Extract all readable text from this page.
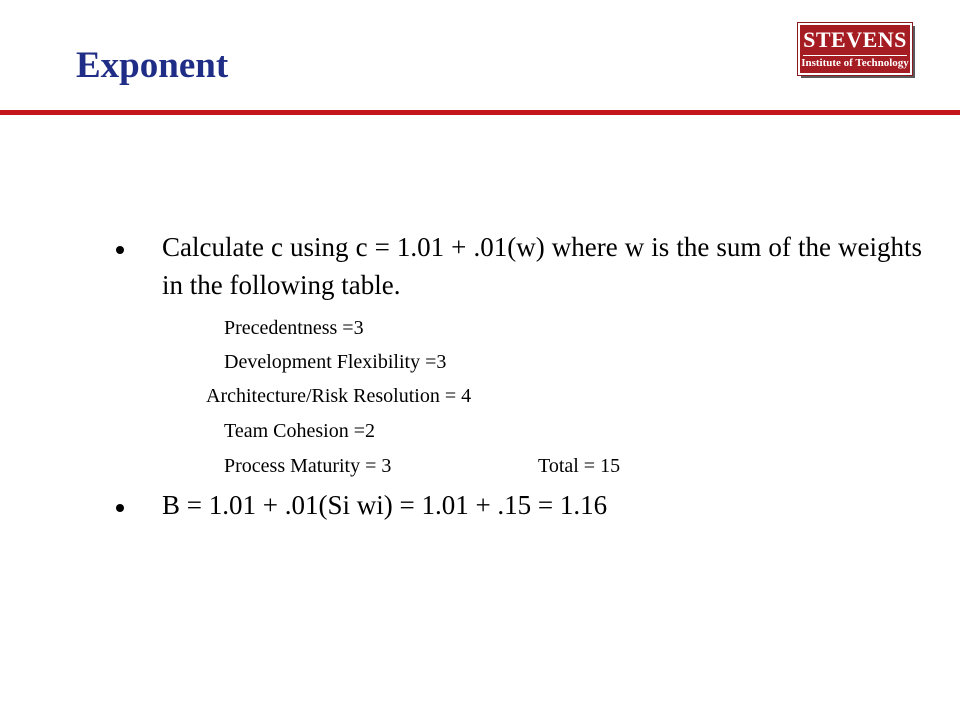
Exponent
STEVENS
Institute of Technology
Calculate c using c = 1.01 + .01(w) where w is the sum of the weights in the following table.
Precedentness =3
Development Flexibility =3
Architecture/Risk Resolution = 4
Team Cohesion =2
Process Maturity = 3	Total = 15
B = 1.01 + .01(Si wi) = 1.01 + .15 = 1.16
